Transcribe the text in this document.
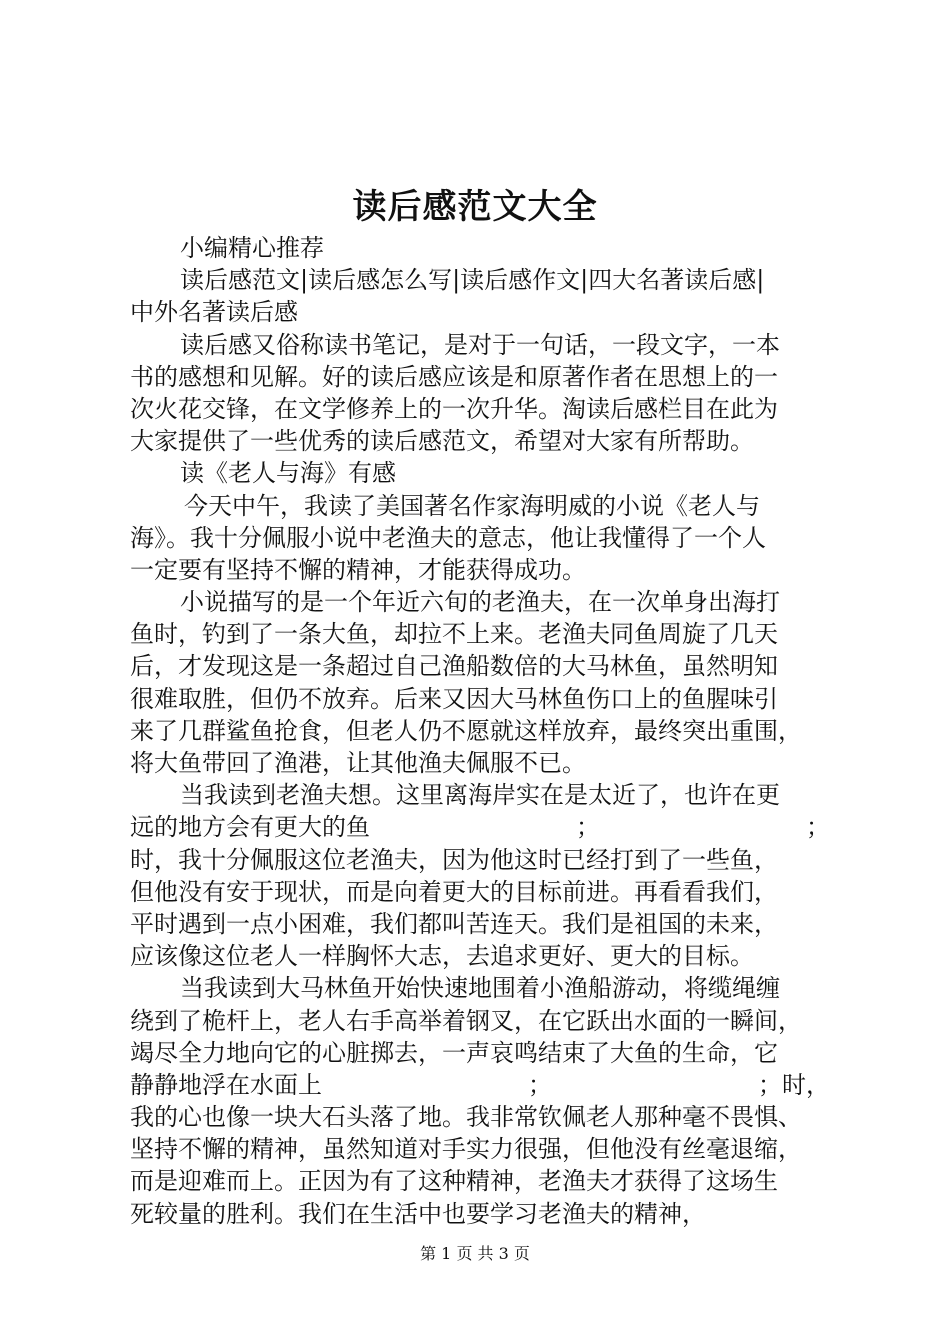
读后感范文大全
小编精心推荐
读后感范文|读后感怎么写|读后感作文|四大名著读后感|
中外名著读后感
读后感又俗称读书笔记，是对于一句话，一段文字，一本
书的感想和见解。好的读后感应该是和原著作者在思想上的一
次火花交锋，在文学修养上的一次升华。淘读后感栏目在此为
大家提供了一些优秀的读后感范文，希望对大家有所帮助。
读《老人与海》有感
今天中午，我读了美国著名作家海明威的小说《老人与
海》。我十分佩服小说中老渔夫的意志，他让我懂得了一个人
一定要有坚持不懈的精神，才能获得成功。
小说描写的是一个年近六旬的老渔夫，在一次单身出海打
鱼时，钓到了一条大鱼，却拉不上来。老渔夫同鱼周旋了几天
后，才发现这是一条超过自己渔船数倍的大马林鱼，虽然明知
很难取胜，但仍不放弃。后来又因大马林鱼伤口上的鱼腥味引
来了几群鲨鱼抢食，但老人仍不愿就这样放弃，最终突出重围，
将大鱼带回了渔港，让其他渔夫佩服不已。
当我读到老渔夫想。这里离海岸实在是太近了，也许在更
远的地方会有更大的鱼	；	；
时，我十分佩服这位老渔夫，因为他这时已经打到了一些鱼，
但他没有安于现状，而是向着更大的目标前进。再看看我们，
平时遇到一点小困难，我们都叫苦连天。我们是祖国的未来，
应该像这位老人一样胸怀大志，去追求更好、更大的目标。
当我读到大马林鱼开始快速地围着小渔船游动，将缆绳缠
绕到了桅杆上，老人右手高举着钢叉，在它跃出水面的一瞬间，
竭尽全力地向它的心脏掷去，一声哀鸣结束了大鱼的生命，它
静静地浮在水面上	；	；时，
我的心也像一块大石头落了地。我非常钦佩老人那种毫不畏惧、
坚持不懈的精神，虽然知道对手实力很强，但他没有丝毫退缩，
而是迎难而上。正因为有了这种精神，老渔夫才获得了这场生
死较量的胜利。我们在生活中也要学习老渔夫的精神，
第 1 页 共 3 页
